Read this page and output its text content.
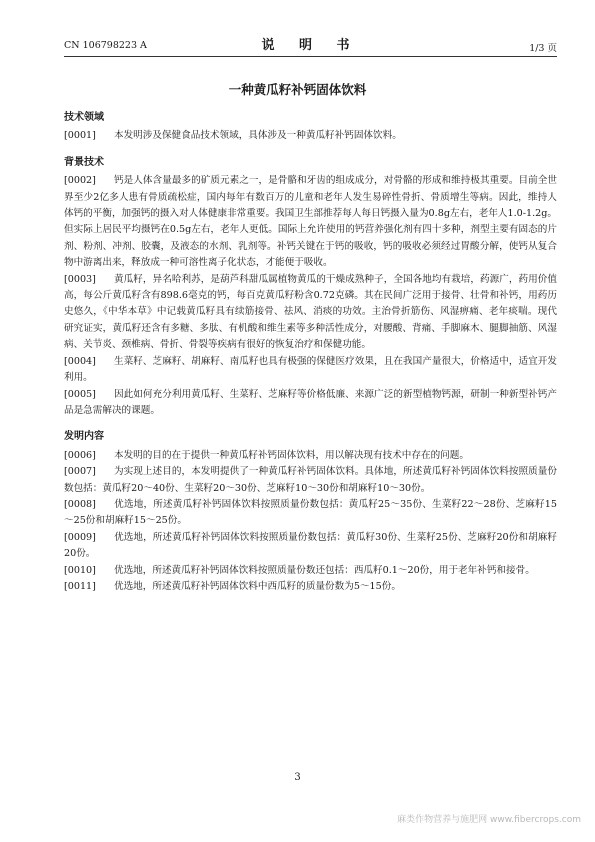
CN 106798223 A	说 明 书	1/3 页
一种黄瓜籽补钙固体饮料
技术领域

[0001] 本发明涉及保健食品技术领域，具体涉及一种黄瓜籽补钙固体饮料。

背景技术

[0002] 钙是人体含量最多的矿质元素之一，是骨骼和牙齿的组成成分，对骨骼的形成和维持极其重要。目前全世界至少2亿多人患有骨质疏松症，国内每年有数百万的儿童和老年人发生易碎性骨折、骨质增生等病。因此，维持人体钙的平衡，加强钙的摄入对人体健康非常重要。我国卫生部推荐每人每日钙摄入量为0.8g左右，老年人1.0-1.2g。但实际上居民平均摄钙在0.5g左右，老年人更低。国际上允许使用的钙营养强化剂有四十多种，剂型主要有固态的片剂、粉剂、冲剂、胶囊，及液态的水剂、乳剂等。补钙关键在于钙的吸收，钙的吸收必须经过胃酸分解，使钙从复合物中游离出来，释放成一种可溶性离子化状态，才能便于吸收。

[0003] 黄瓜籽，异名哈利苏，是葫芦科甜瓜属植物黄瓜的干燥成熟种子，全国各地均有栽培，药源广，药用价值高，每公斤黄瓜籽含有898.6毫克的钙，每百克黄瓜籽粉含0.72克磷。其在民间广泛用于接骨、壮骨和补钙，用药历史悠久，《中华本草》中记载黄瓜籽具有续筋接骨、祛风、消痰的功效。主治骨折筋伤、风湿痹痛、老年痰喘。现代研究证实，黄瓜籽还含有多糖、多肽、有机酸和维生素等多种活性成分，对腰酸、背痛、手脚麻木、腿脚抽筋、风湿病、关节炎、颈椎病、骨折、骨裂等疾病有很好的恢复治疗和保健功能。

[0004] 生菜籽、芝麻籽、胡麻籽、南瓜籽也具有极强的保健医疗效果，且在我国产量很大，价格适中，适宜开发利用。

[0005] 因此如何充分利用黄瓜籽、生菜籽、芝麻籽等价格低廉、来源广泛的新型植物钙源，研制一种新型补钙产品是急需解决的课题。

发明内容

[0006] 本发明的目的在于提供一种黄瓜籽补钙固体饮料，用以解决现有技术中存在的问题。

[0007] 为实现上述目的，本发明提供了一种黄瓜籽补钙固体饮料。具体地，所述黄瓜籽补钙固体饮料按照质量份数包括：黄瓜籽20～40份、生菜籽20～30份、芝麻籽10～30份和胡麻籽10～30份。

[0008] 优选地，所述黄瓜籽补钙固体饮料按照质量份数包括：黄瓜籽25～35份、生菜籽22～28份、芝麻籽15～25份和胡麻籽15～25份。

[0009] 优选地，所述黄瓜籽补钙固体饮料按照质量份数包括：黄瓜籽30份、生菜籽25份、芝麻籽20份和胡麻籽20份。

[0010] 优选地，所述黄瓜籽补钙固体饮料按照质量份数还包括：西瓜籽0.1～20份，用于老年补钙和接骨。

[0011] 优选地，所述黄瓜籽补钙固体饮料中西瓜籽的质量份数为5～15份。

3
麻类作物营养与施肥网 www.fibercrops.com
